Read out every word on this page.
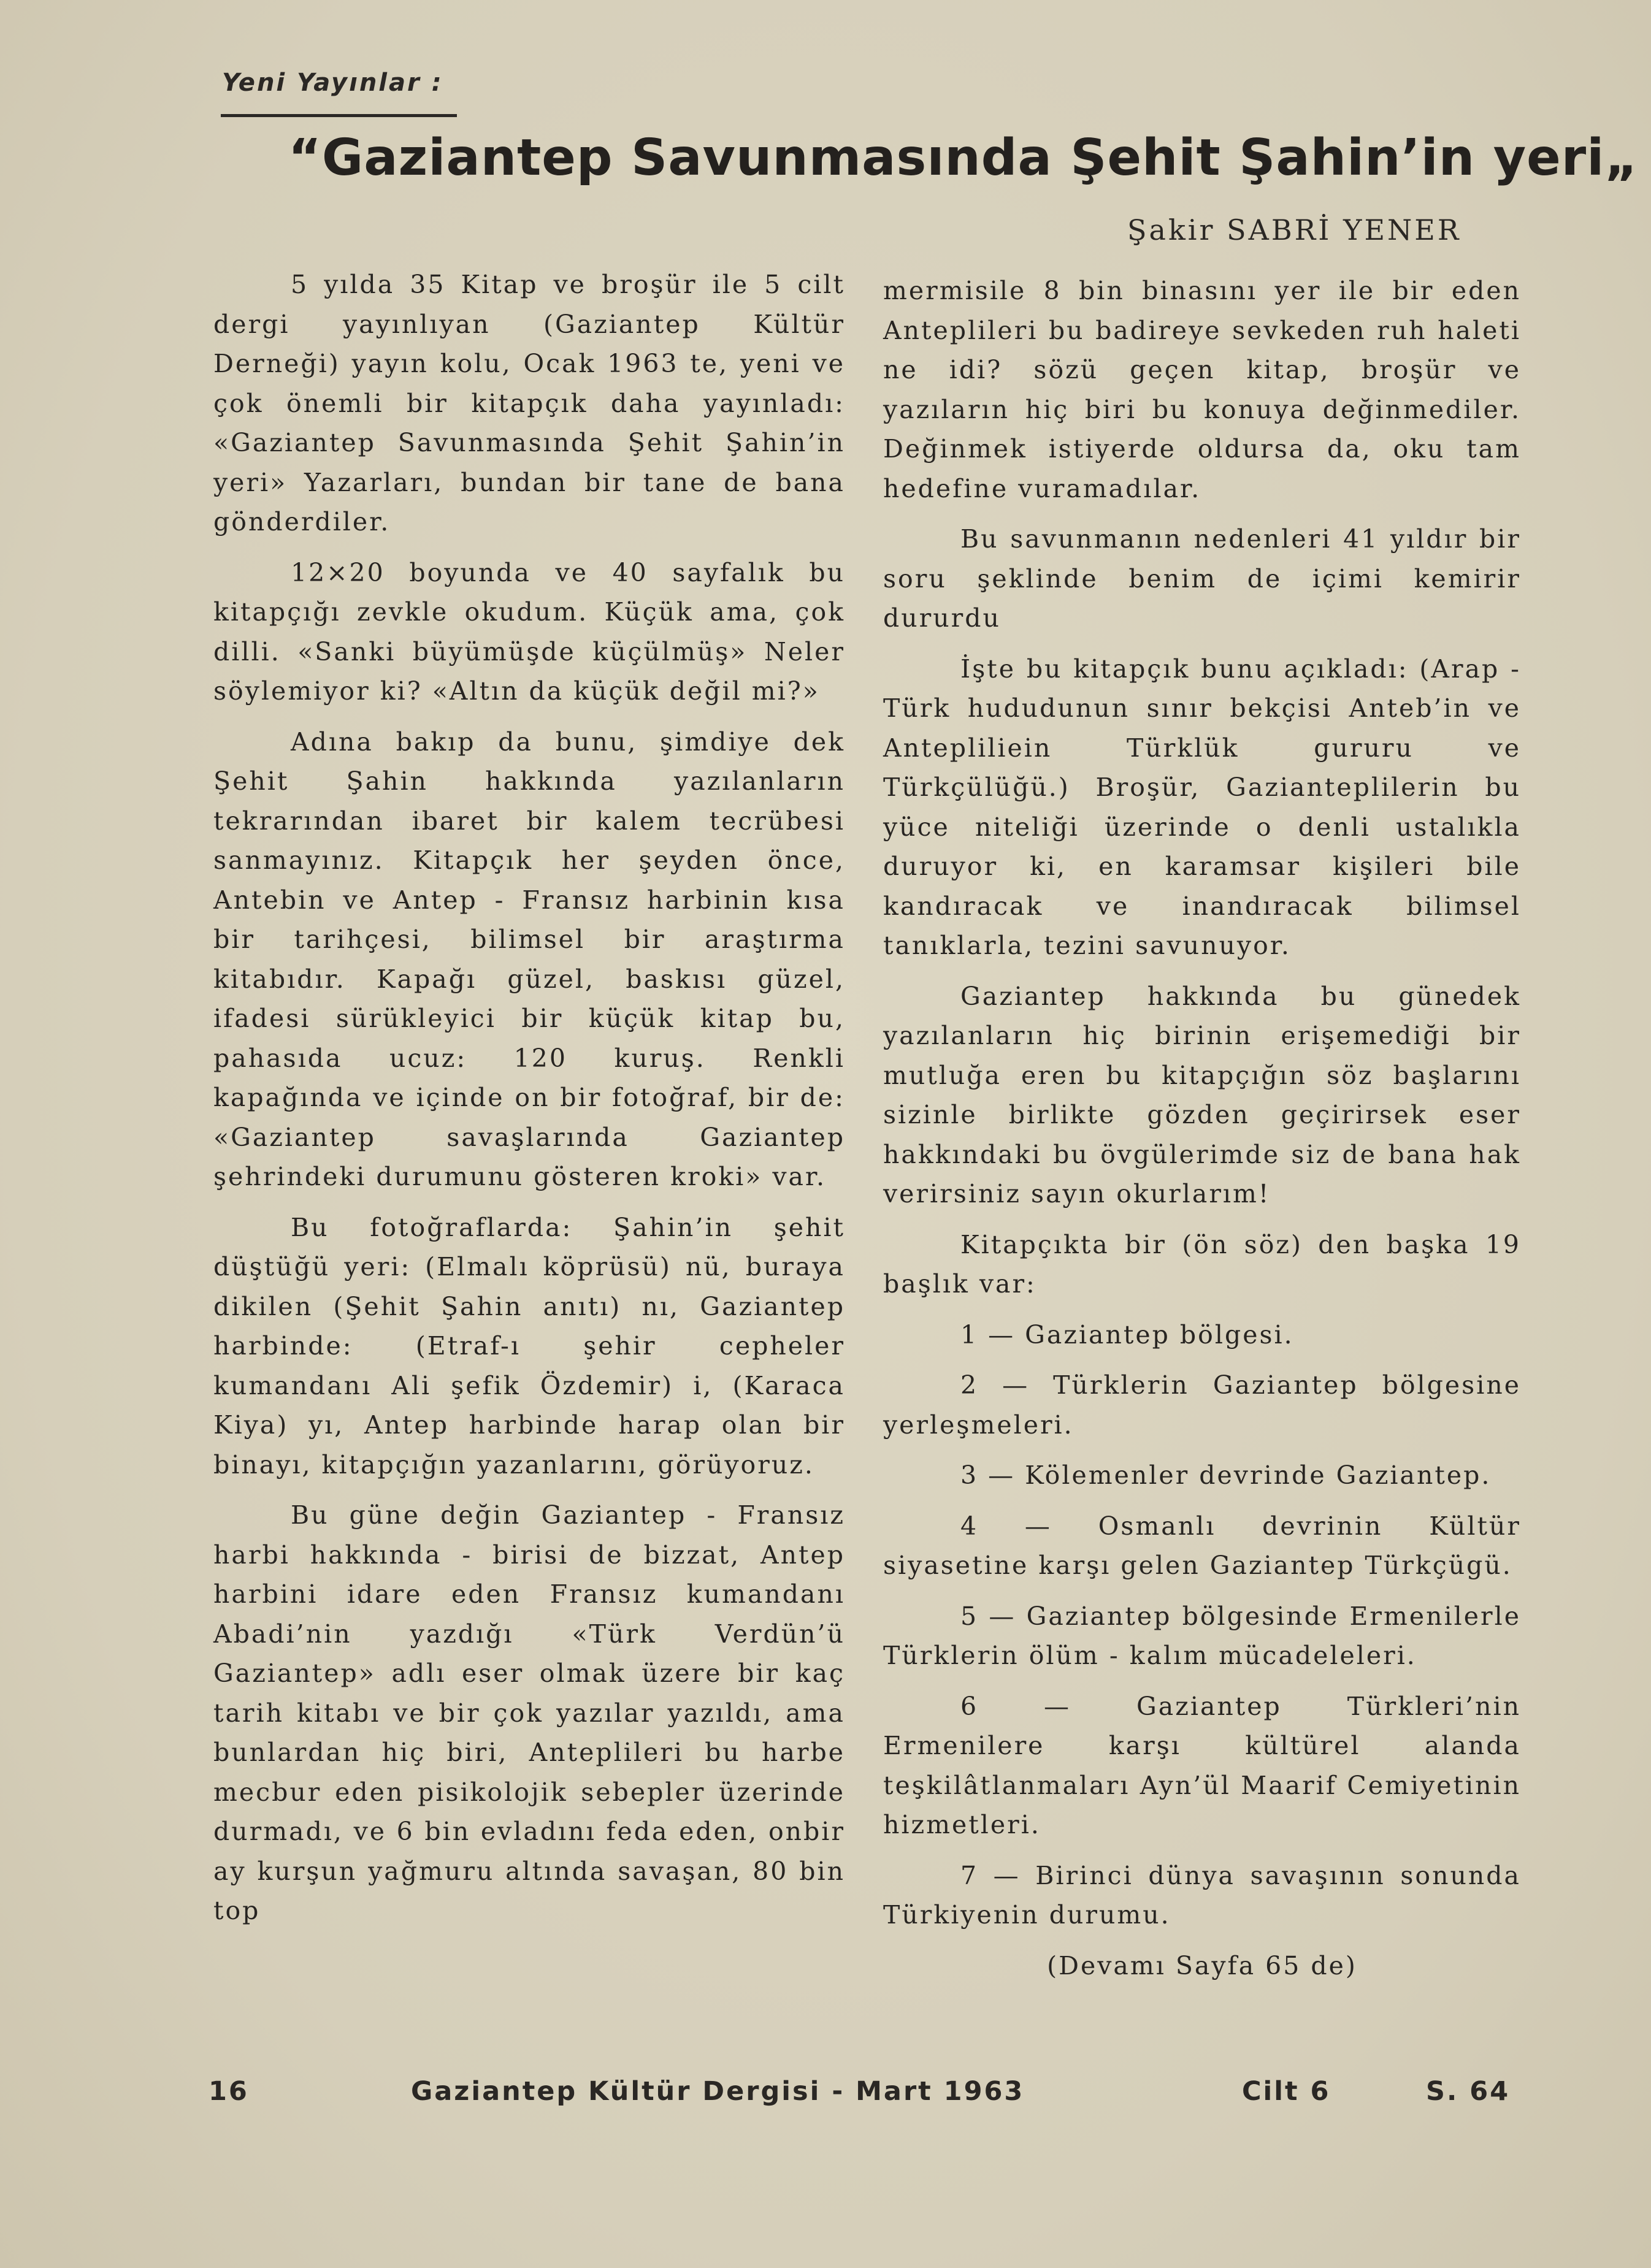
Yeni Yayınlar :
“Gaziantep Savunmasında Şehit Şahin’in yeri„
Şakir SABRİ YENER

5 yılda 35 Kitap ve broşür ile 5 cilt dergi yayınlıyan (Gaziantep Kültür Derneği) yayın kolu, Ocak 1963 te, yeni ve çok önemli bir kitapçık daha yayınladı: «Gaziantep Savunmasında Şehit Şahin’in yeri» Yazarları, bundan bir tane de bana gönderdiler.

12×20 boyunda ve 40 sayfalık bu kitapçığı zevkle okudum. Küçük ama, çok dilli. «Sanki büyümüşde küçülmüş» Neler söylemiyor ki? «Altın da küçük değil mi?»

Adına bakıp da bunu, şimdiye dek Şehit Şahin hakkında yazılanların tekrarından ibaret bir kalem tecrübesi sanmayınız. Kitapçık her şeyden önce, Antebin ve Antep - Fransız harbinin kısa bir tarihçesi, bilimsel bir araştırma kitabıdır. Kapağı güzel, baskısı güzel, ifadesi sürükleyici bir küçük kitap bu, pahasıda ucuz: 120 kuruş. Renkli kapağında ve içinde on bir fotoğraf, bir de: «Gaziantep savaşlarında Gaziantep şehrindeki durumunu gösteren kroki» var.

Bu fotoğraflarda: Şahin’in şehit düştüğü yeri: (Elmalı köprüsü) nü, buraya dikilen (Şehit Şahin anıtı) nı, Gaziantep harbinde: (Etraf-ı şehir cepheler kumandanı Ali şefik Özdemir) i, (Karaca Kiya) yı, Antep harbinde harap olan bir binayı, kitapçığın yazanlarını, görüyoruz.

Bu güne değin Gaziantep - Fransız harbi hakkında - birisi de bizzat, Antep harbini idare eden Fransız kumandanı Abadi’nin yazdığı «Türk Verdün’ü Gaziantep» adlı eser olmak üzere bir kaç tarih kitabı ve bir çok yazılar yazıldı, ama bunlardan hiç biri, Anteplileri bu harbe mecbur eden pisikolojik sebepler üzerinde durmadı, ve 6 bin evladını feda eden, onbir ay kurşun yağmuru altında savaşan, 80 bin top

mermisile 8 bin binasını yer ile bir eden Anteplileri bu badireye sevkeden ruh haleti ne idi? sözü geçen kitap, broşür ve yazıların hiç biri bu konuya değinmediler. Değinmek istiyerde oldursa da, oku tam hedefine vuramadılar.

Bu savunmanın nedenleri 41 yıldır bir soru şeklinde benim de içimi kemirir dururdu

İşte bu kitapçık bunu açıkladı: (Arap - Türk hududunun sınır bekçisi Anteb’in ve Antepliliein Türklük gururu ve Türkçülüğü.) Broşür, Gazianteplilerin bu yüce niteliği üzerinde o denli ustalıkla duruyor ki, en karamsar kişileri bile kandıracak ve inandıracak bilimsel tanıklarla, tezini savunuyor.

Gaziantep hakkında bu günedek yazılanların hiç birinin erişemediği bir mutluğa eren bu kitapçığın söz başlarını sizinle birlikte gözden geçirirsek eser hakkındaki bu övgülerimde siz de bana hak verirsiniz sayın okurlarım!

Kitapçıkta bir (ön söz) den başka 19 başlık var:

1 — Gaziantep bölgesi.

2 — Türklerin Gaziantep bölgesine yerleşmeleri.

3 — Kölemenler devrinde Gaziantep.

4 — Osmanlı devrinin Kültür siyasetine karşı gelen Gaziantep Türkçügü.

5 — Gaziantep bölgesinde Ermenilerle Türklerin ölüm - kalım mücadeleleri.

6 — Gaziantep Türkleri’nin Ermenilere karşı kültürel alanda teşkilâtlanmaları Ayn’ül Maarif Cemiyetinin hizmetleri.

7 — Birinci dünya savaşının sonunda Türkiyenin durumu.

(Devamı Sayfa 65 de)

16	Gaziantep Kültür Dergisi - Mart 1963	Cilt 6	S. 64
